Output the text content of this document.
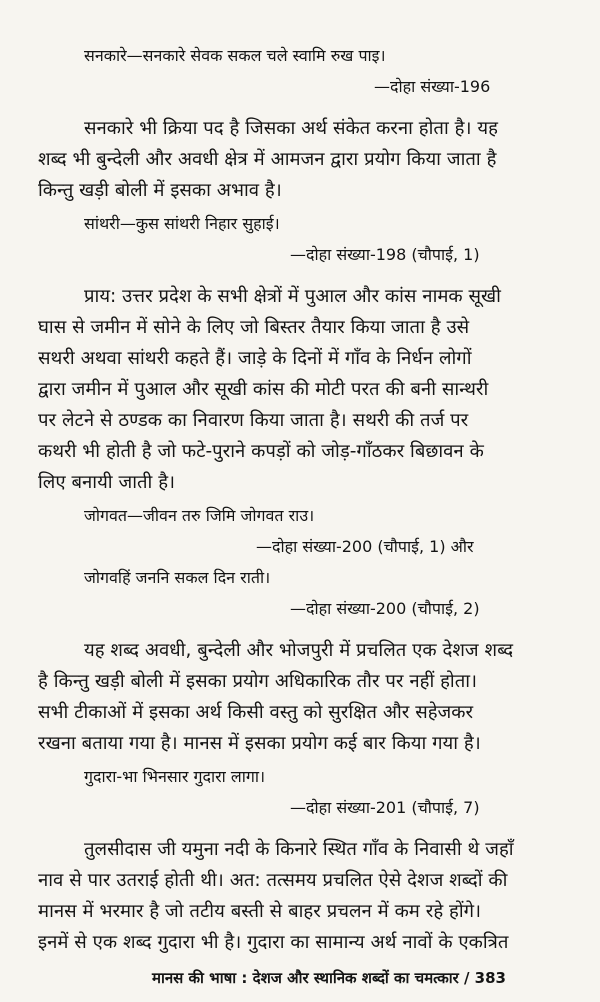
सनकारे—सनकारे सेवक सकल चले स्वामि रुख पाइ।
—दोहा संख्या-196
सनकारे भी क्रिया पद है जिसका अर्थ संकेत करना होता है। यह
शब्द भी बुन्देली और अवधी क्षेत्र में आमजन द्वारा प्रयोग किया जाता है
किन्तु खड़ी बोली में इसका अभाव है।
सांथरी—कुस सांथरी निहार सुहाई।
—दोहा संख्या-198 (चौपाई, 1)
प्राय: उत्तर प्रदेश के सभी क्षेत्रों में पुआल और कांस नामक सूखी
घास से जमीन में सोने के लिए जो बिस्तर तैयार किया जाता है उसे
सथरी अथवा सांथरी कहते हैं। जाड़े के दिनों में गाँव के निर्धन लोगों
द्वारा जमीन में पुआल और सूखी कांस की मोटी परत की बनी सान्थरी
पर लेटने से ठण्डक का निवारण किया जाता है। सथरी की तर्ज पर
कथरी भी होती है जो फटे-पुराने कपड़ों को जोड़-गाँठकर बिछावन के
लिए बनायी जाती है।
जोगवत—जीवन तरु जिमि जोगवत राउ।
—दोहा संख्या-200 (चौपाई, 1) और
जोगवहिं जननि सकल दिन राती।
—दोहा संख्या-200 (चौपाई, 2)
यह शब्द अवधी, बुन्देली और भोजपुरी में प्रचलित एक देशज शब्द
है किन्तु खड़ी बोली में इसका प्रयोग अधिकारिक तौर पर नहीं होता।
सभी टीकाओं में इसका अर्थ किसी वस्तु को सुरक्षित और सहेजकर
रखना बताया गया है। मानस में इसका प्रयोग कई बार किया गया है।
गुदारा-भा भिनसार गुदारा लागा।
—दोहा संख्या-201 (चौपाई, 7)
तुलसीदास जी यमुना नदी के किनारे स्थित गाँव के निवासी थे जहाँ
नाव से पार उतराई होती थी। अत: तत्समय प्रचलित ऐसे देशज शब्दों की
मानस में भरमार है जो तटीय बस्ती से बाहर प्रचलन में कम रहे होंगे।
इनमें से एक शब्द गुदारा भी है। गुदारा का सामान्य अर्थ नावों के एकत्रित
मानस की भाषा : देशज और स्थानिक शब्दों का चमत्कार / 383
